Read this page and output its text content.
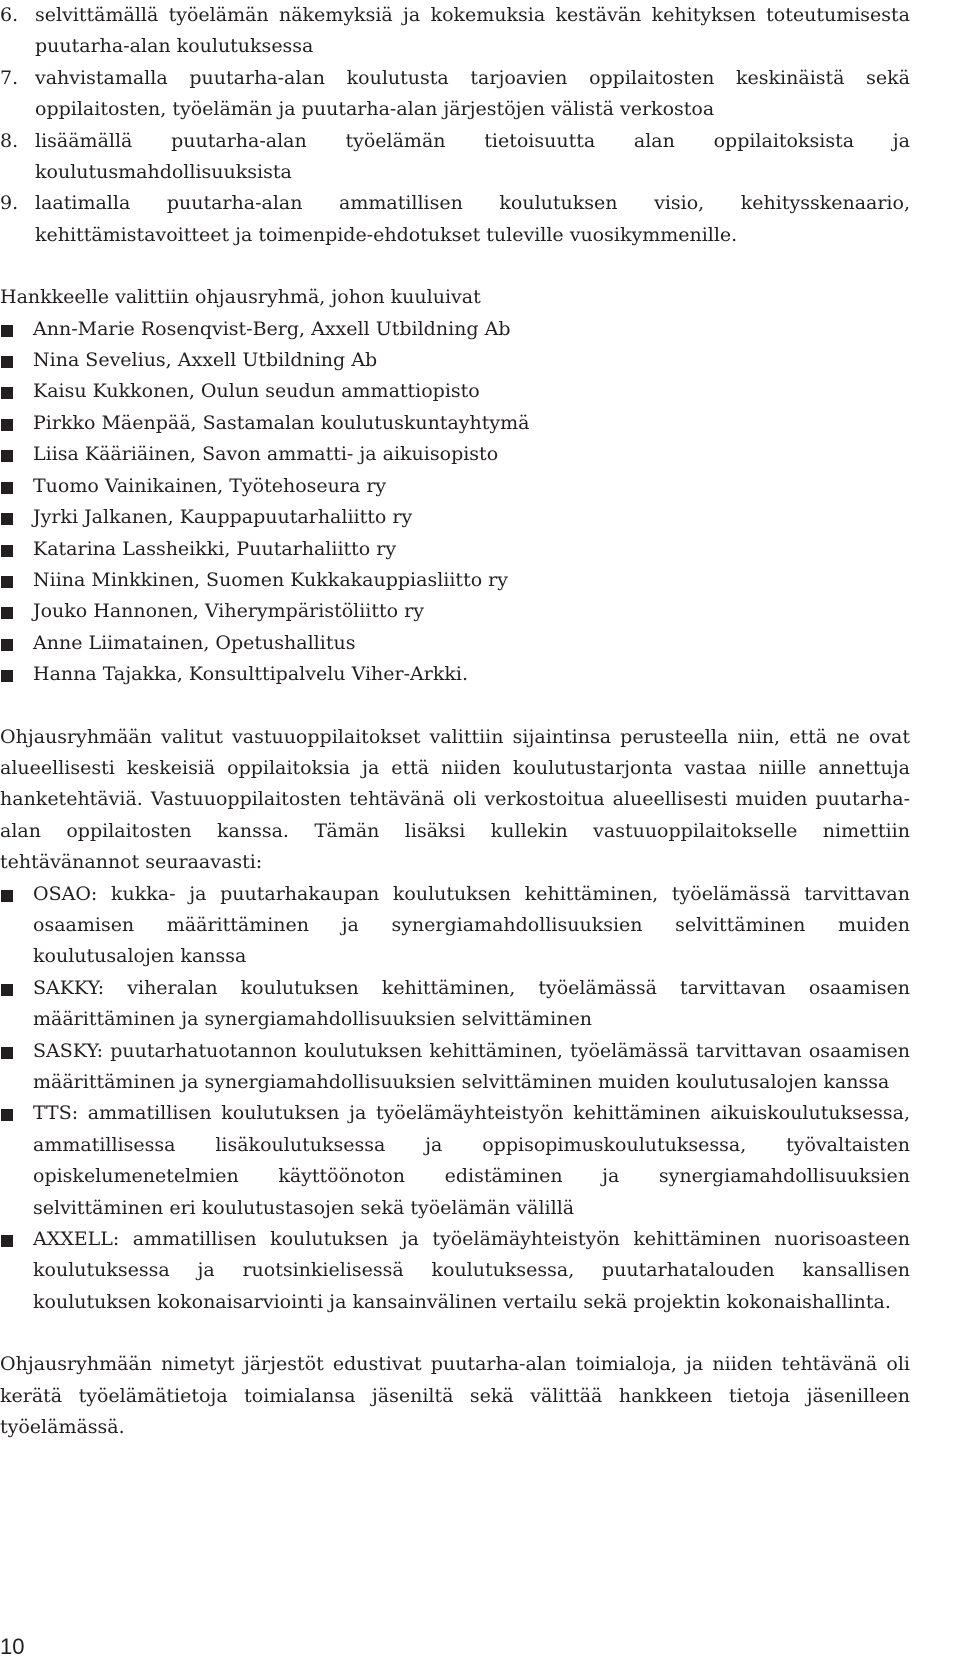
6. selvittämällä työelämän näkemyksiä ja kokemuksia kestävän kehityksen toteutumisesta puutarha-alan koulutuksessa
7. vahvistamalla puutarha-alan koulutusta tarjoavien oppilaitosten keskinäistä sekä oppilaitosten, työelämän ja puutarha-alan järjestöjen välistä verkostoa
8. lisäämällä puutarha-alan työelämän tietoisuutta alan oppilaitoksista ja koulutusmahdollisuuksista
9. laatimalla puutarha-alan ammatillisen koulutuksen visio, kehitysskenaario, kehittämistavoitteet ja toimenpide-ehdotukset tuleville vuosikymmenille.

Hankkeelle valittiin ohjausryhmä, johon kuuluivat

Ann-Marie Rosenqvist-Berg, Axxell Utbildning Ab
Nina Sevelius, Axxell Utbildning Ab
Kaisu Kukkonen, Oulun seudun ammattiopisto
Pirkko Mäenpää, Sastamalan koulutuskuntayhtymä
Liisa Kääriäinen, Savon ammatti- ja aikuisopisto
Tuomo Vainikainen, Työtehoseura ry
Jyrki Jalkanen, Kauppapuutarhaliitto ry
Katarina Lassheikki, Puutarhaliitto ry
Niina Minkkinen, Suomen Kukkakauppiasliitto ry
Jouko Hannonen, Viherympäristöliitto ry
Anne Liimatainen, Opetushallitus
Hanna Tajakka, Konsulttipalvelu Viher-Arkki.

Ohjausryhmään valitut vastuuoppilaitokset valittiin sijaintinsa perusteella niin, että ne ovat alueellisesti keskeisiä oppilaitoksia ja että niiden koulutustarjonta vastaa niille annettuja hanketehtäviä. Vastuuoppilaitosten tehtävänä oli verkostoitua alueellisesti muiden puutarha-alan oppilaitosten kanssa. Tämän lisäksi kullekin vastuuoppilaitokselle nimettiin tehtävänannot seuraavasti:

OSAO: kukka- ja puutarhakaupan koulutuksen kehittäminen, työelämässä tarvittavan osaamisen määrittäminen ja synergiamahdollisuuksien selvittäminen muiden koulutusalojen kanssa
SAKKY: viheralan koulutuksen kehittäminen, työelämässä tarvittavan osaamisen määrittäminen ja synergiamahdollisuuksien selvittäminen
SASKY: puutarhatuotannon koulutuksen kehittäminen, työelämässä tarvittavan osaamisen määrittäminen ja synergiamahdollisuuksien selvittäminen muiden koulutusalojen kanssa
TTS: ammatillisen koulutuksen ja työelämäyhteistyön kehittäminen aikuiskoulutuksessa, ammatillisessa lisäkoulutuksessa ja oppisopimuskoulutuksessa, työvaltaisten opiskelumenetelmien käyttöönoton edistäminen ja synergiamahdollisuuksien selvittäminen eri koulutustasojen sekä työelämän välillä
AXXELL: ammatillisen koulutuksen ja työelämäyhteistyön kehittäminen nuorisoasteen koulutuksessa ja ruotsinkielisessä koulutuksessa, puutarhatalouden kansallisen koulutuksen kokonaisarviointi ja kansainvälinen vertailu sekä projektin kokonaishallinta.

Ohjausryhmään nimetyt järjestöt edustivat puutarha-alan toimialoja, ja niiden tehtävänä oli kerätä työelämätietoja toimialansa jäseniltä sekä välittää hankkeen tietoja jäsenilleen työelämässä.

10
